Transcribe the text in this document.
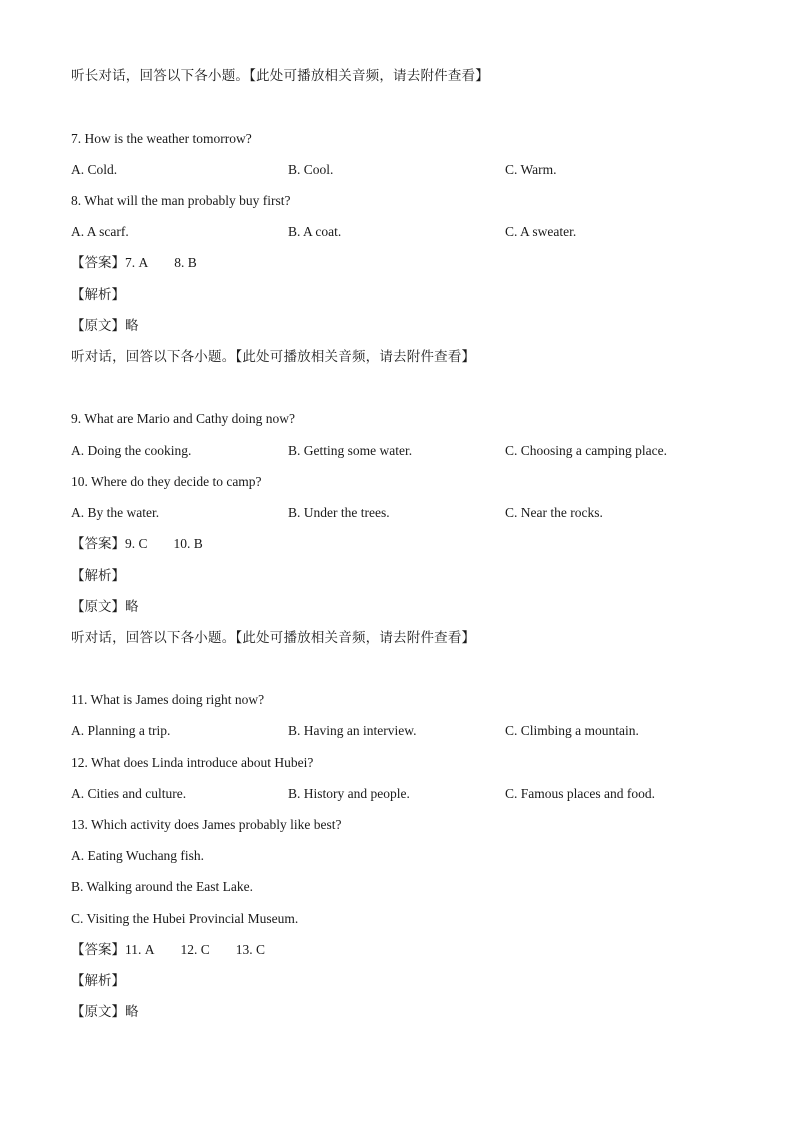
听长对话，回答以下各小题。【此处可播放相关音频，请去附件查看】
7. How is the weather tomorrow?
A. Cold.	B. Cool.	C. Warm.
8. What will the man probably buy first?
A. A scarf.	B. A coat.	C. A sweater.
【答案】7. A 8. B
【解析】
【原文】略
听对话，回答以下各小题。【此处可播放相关音频，请去附件查看】
9. What are Mario and Cathy doing now?
A. Doing the cooking.	B. Getting some water.	C. Choosing a camping place.
10. Where do they decide to camp?
A. By the water.	B. Under the trees.	C. Near the rocks.
【答案】9. C 10. B
【解析】
【原文】略
听对话，回答以下各小题。【此处可播放相关音频，请去附件查看】
11. What is James doing right now?
A. Planning a trip.	B. Having an interview.	C. Climbing a mountain.
12. What does Linda introduce about Hubei?
A. Cities and culture.	B. History and people.	C. Famous places and food.
13. Which activity does James probably like best?
A. Eating Wuchang fish.
B. Walking around the East Lake.
C. Visiting the Hubei Provincial Museum.
【答案】11. A 12. C 13. C
【解析】
【原文】略
